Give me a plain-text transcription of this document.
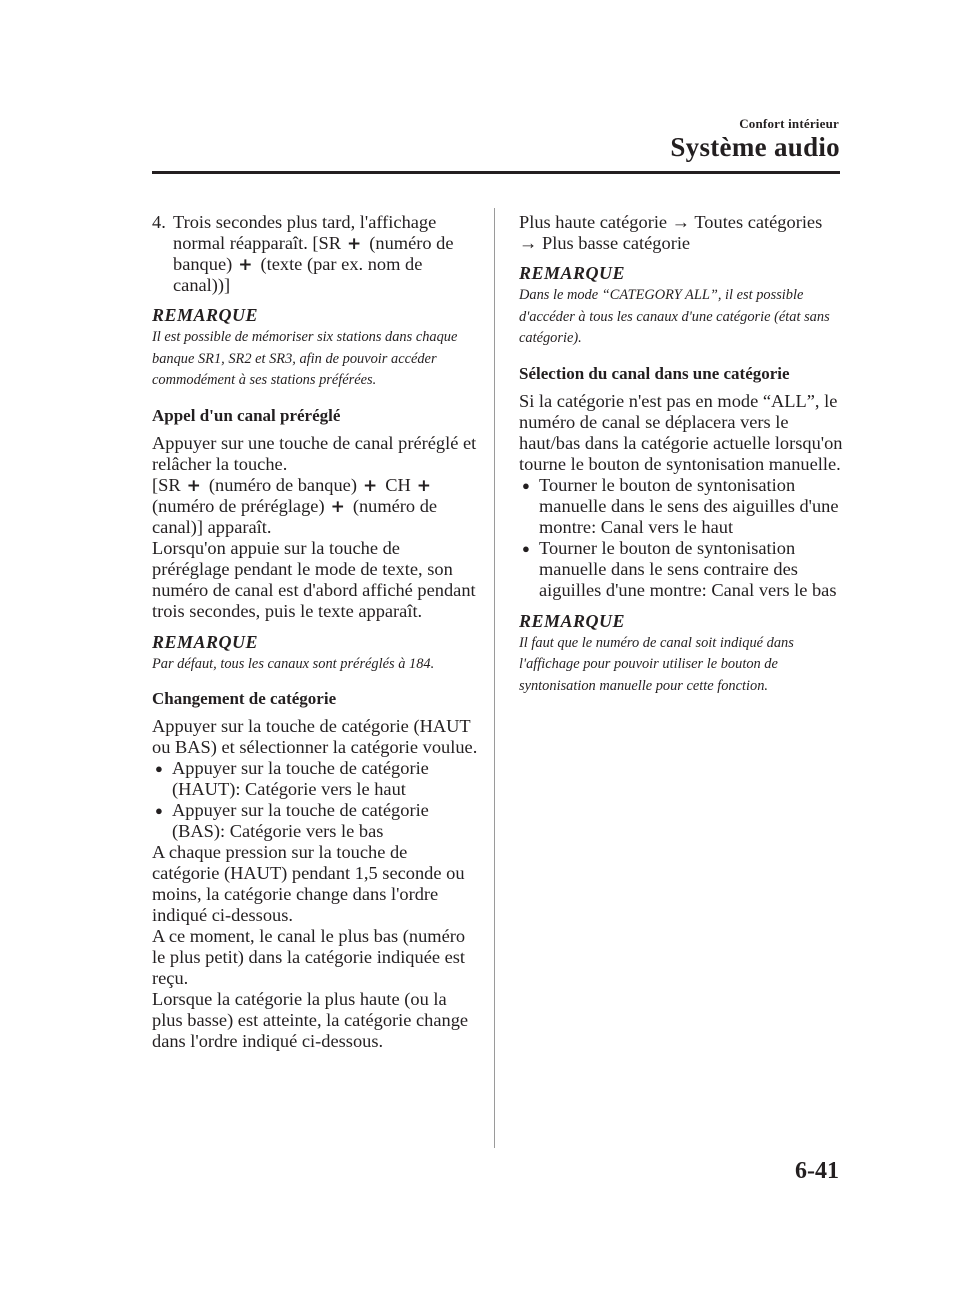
Confort intérieur
Système audio
4. Trois secondes plus tard, l'affichage normal réapparaît. [SR + (numéro de banque) + (texte (par ex. nom de canal))]

REMARQUE

Il est possible de mémoriser six stations dans chaque banque SR1, SR2 et SR3, afin de pouvoir accéder commodément à ses stations préférées.

Appel d'un canal préréglé

Appuyer sur une touche de canal préréglé et relâcher la touche.

[SR + (numéro de banque) + CH +(numéro de préréglage) + (numéro de canal)] apparaît.

Lorsqu'on appuie sur la touche de préréglage pendant le mode de texte, son numéro de canal est d'abord affiché pendant trois secondes, puis le texte apparaît.

REMARQUE

Par défaut, tous les canaux sont préréglés à 184.

Changement de catégorie

Appuyer sur la touche de catégorie (HAUT ou BAS) et sélectionner la catégorie voulue.

● Appuyer sur la touche de catégorie (HAUT): Catégorie vers le haut
● Appuyer sur la touche de catégorie (BAS): Catégorie vers le bas

A chaque pression sur la touche de catégorie (HAUT) pendant 1,5 seconde ou moins, la catégorie change dans l'ordre indiqué ci-dessous.

A ce moment, le canal le plus bas (numéro le plus petit) dans la catégorie indiquée est reçu.

Lorsque la catégorie la plus haute (ou la plus basse) est atteinte, la catégorie change dans l'ordre indiqué ci-dessous.

Plus haute catégorie → Toutes catégories → Plus basse catégorie

REMARQUE

Dans le mode “CATEGORY ALL”, il est possible d'accéder à tous les canaux d'une catégorie (état sans catégorie).

Sélection du canal dans une catégorie

Si la catégorie n'est pas en mode “ALL”, le numéro de canal se déplacera vers le haut/bas dans la catégorie actuelle lorsqu'on tourne le bouton de syntonisation manuelle.

● Tourner le bouton de syntonisation manuelle dans le sens des aiguilles d'une montre: Canal vers le haut
● Tourner le bouton de syntonisation manuelle dans le sens contraire des aiguilles d'une montre: Canal vers le bas

REMARQUE

Il faut que le numéro de canal soit indiqué dans l'affichage pour pouvoir utiliser le bouton de syntonisation manuelle pour cette fonction.

6-41
